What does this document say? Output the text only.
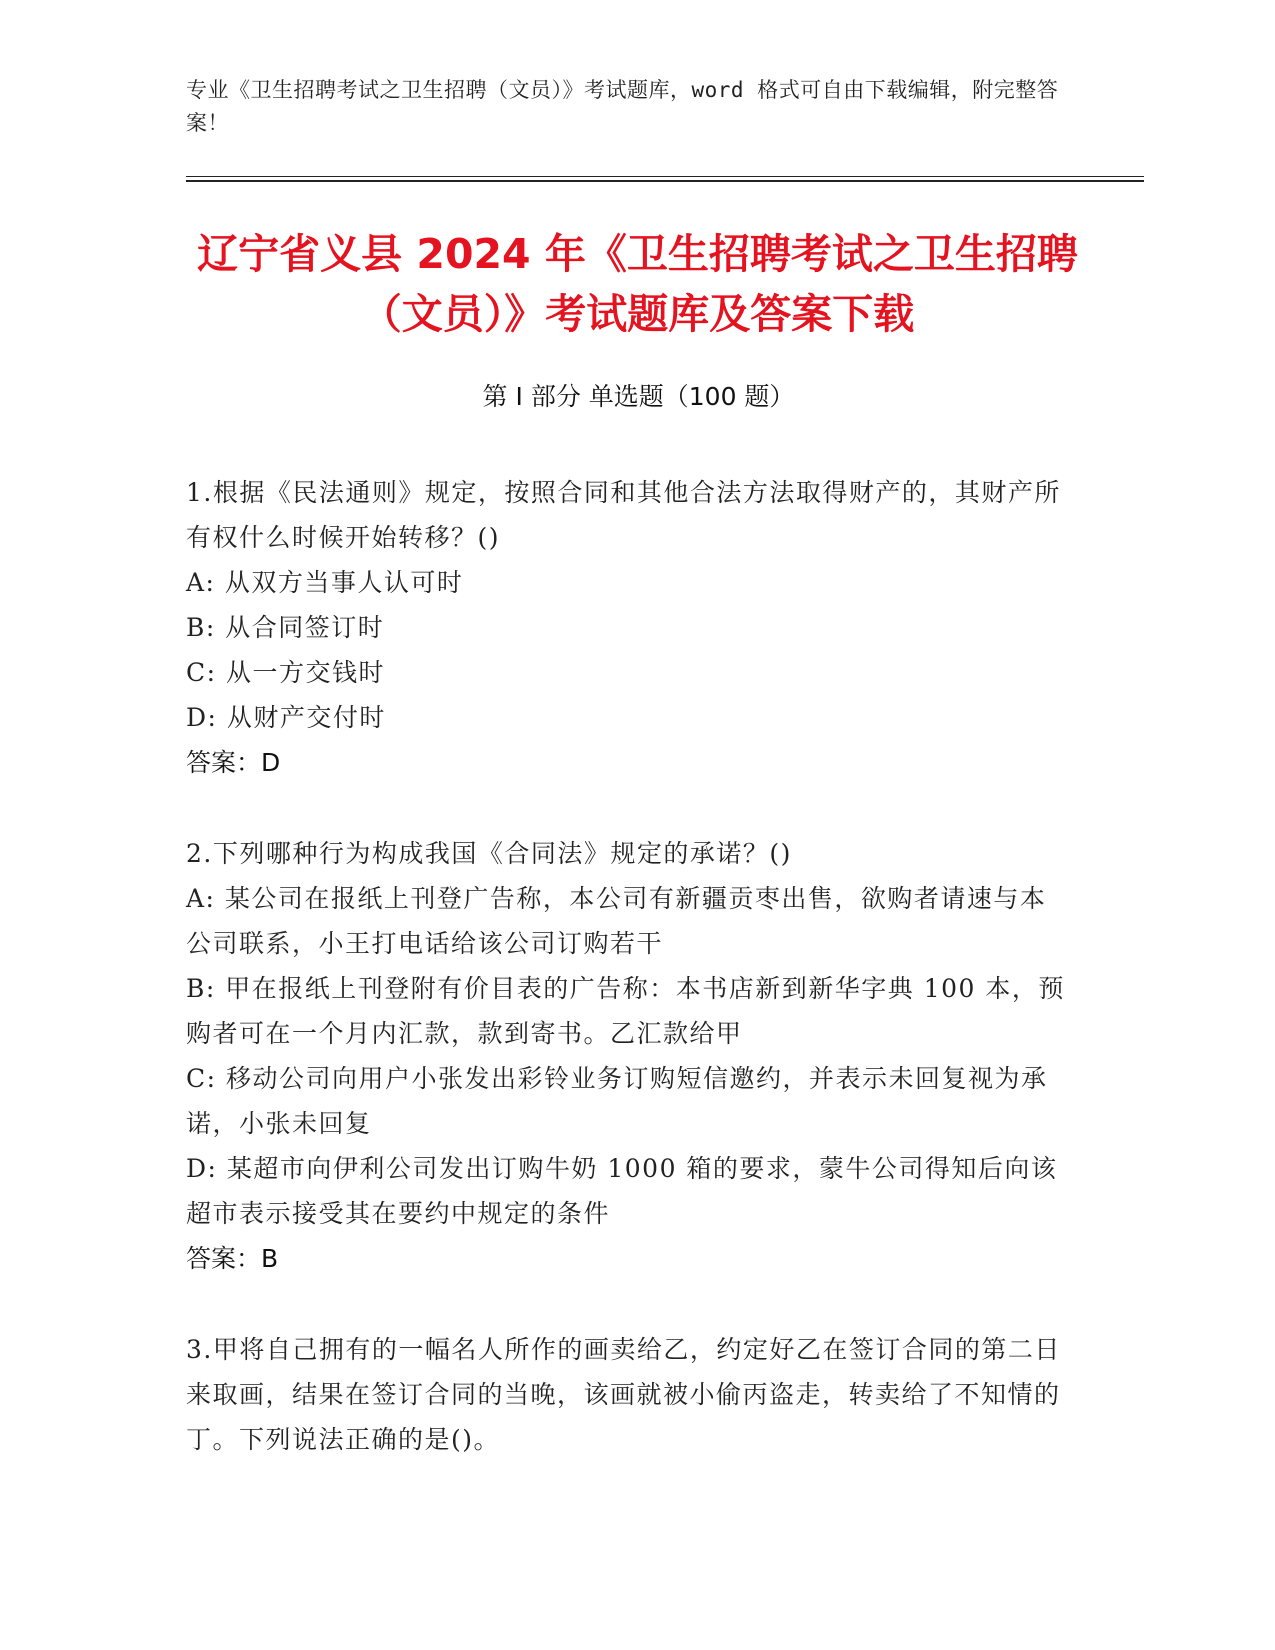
专业《卫生招聘考试之卫生招聘（文员）》考试题库，word 格式可自由下载编辑，附完整答案！
辽宁省义县 2024 年《卫生招聘考试之卫生招聘（文员）》考试题库及答案下载
第 I 部分 单选题（100 题）
1.根据《民法通则》规定，按照合同和其他合法方法取得财产的，其财产所有权什么时候开始转移？()
A: 从双方当事人认可时
B: 从合同签订时
C: 从一方交钱时
D: 从财产交付时
答案：D
2.下列哪种行为构成我国《合同法》规定的承诺？()
A: 某公司在报纸上刊登广告称，本公司有新疆贡枣出售，欲购者请速与本公司联系，小王打电话给该公司订购若干
B: 甲在报纸上刊登附有价目表的广告称：本书店新到新华字典 100 本，预购者可在一个月内汇款，款到寄书。乙汇款给甲
C: 移动公司向用户小张发出彩铃业务订购短信邀约，并表示未回复视为承诺，小张未回复
D: 某超市向伊利公司发出订购牛奶 1000 箱的要求，蒙牛公司得知后向该超市表示接受其在要约中规定的条件
答案：B
3.甲将自己拥有的一幅名人所作的画卖给乙，约定好乙在签订合同的第二日来取画，结果在签订合同的当晚，该画就被小偷丙盗走，转卖给了不知情的丁。下列说法正确的是()。
